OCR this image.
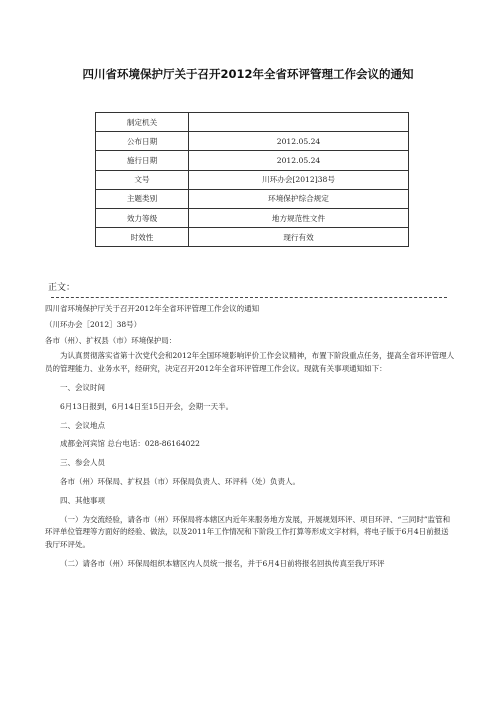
四川省环境保护厅关于召开2012年全省环评管理工作会议的通知
制定机关	
公布日期	2012.05.24
施行日期	2012.05.24
文号	川环办会[2012]38号
主题类别	环境保护综合规定
效力等级	地方规范性文件
时效性	现行有效
正文：

四川省环境保护厅关于召开2012年全省环评管理工作会议的通知

（川环办会［2012］38号）

各市（州）、扩权县（市）环境保护局：

为认真贯彻落实省第十次党代会和2012年全国环境影响评价工作会议精神，布置下阶段重点任务，提高全省环评管理人员的管理能力、业务水平，经研究，决定召开2012年全省环评管理工作会议。现就有关事项通知如下：

一、会议时间

6月13日报到，6月14日至15日开会，会期一天半。

二、会议地点

成都金河宾馆 总台电话：028-86164022

三、参会人员

各市（州）环保局、扩权县（市）环保局负责人、环评科（处）负责人。

四、其他事项

（一）为交流经验，请各市（州）环保局将本辖区内近年来服务地方发展，开展规划环评、项目环评、“三同时”监管和环评单位管理等方面好的经验、做法，以及2011年工作情况和下阶段工作打算等形成文字材料，将电子版于6月4日前报送我厅环评处。

（二）请各市（州）环保局组织本辖区内人员统一报名，并于6月4日前将报名回执传真至我厅环评
